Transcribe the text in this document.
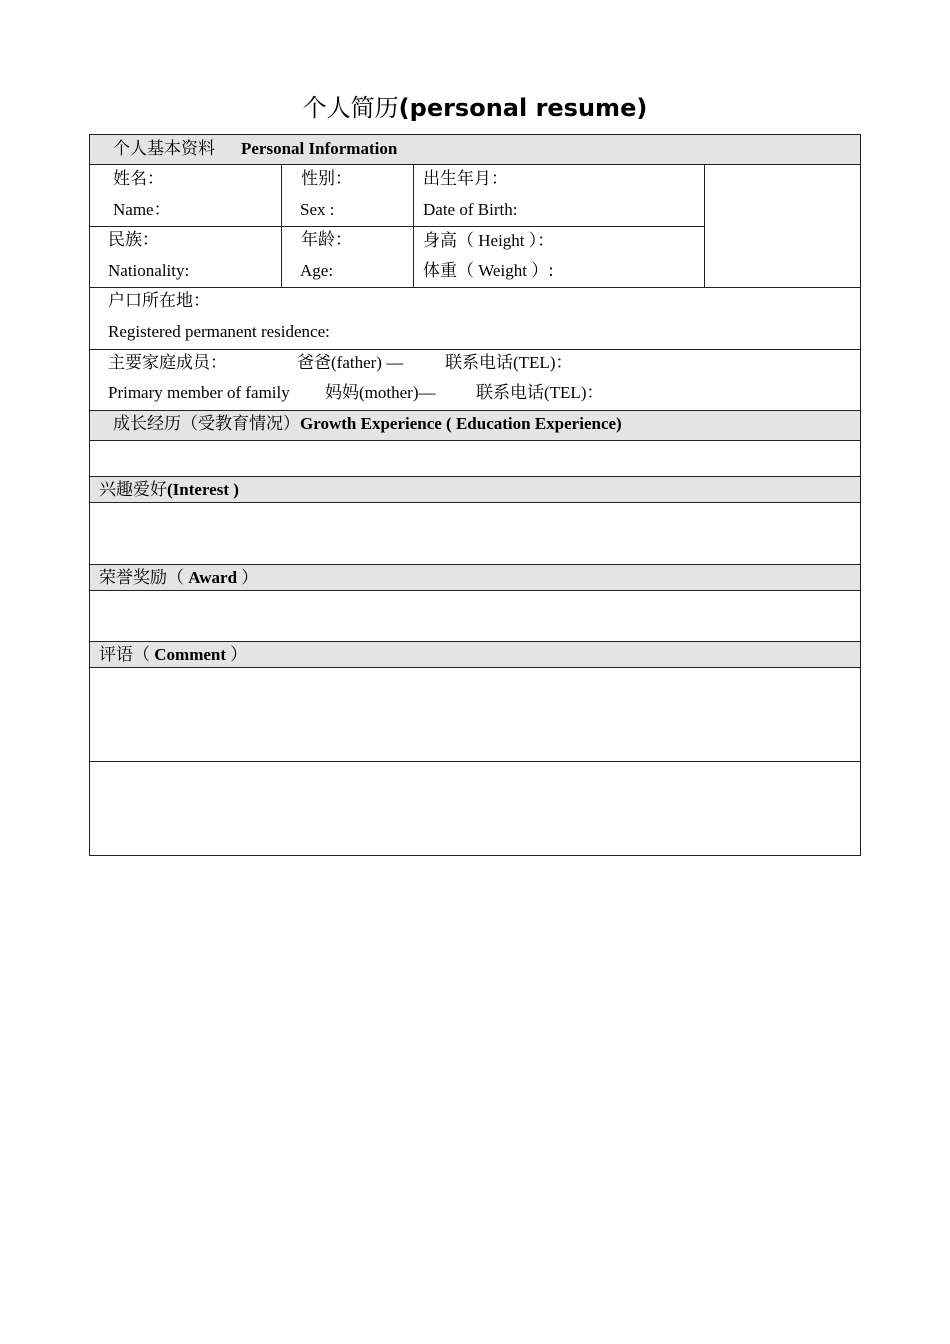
个人简历(personal resume)
个人基本资料 Personal Information
姓名：
Name：
性别：
Sex :
出生年月：
Date of Birth:
民族：
Nationality:
年龄：
Age:
身高（ Height ）：
体重（ Weight ）:
户口所在地：
Registered permanent residence:
主要家庭成员：	爸爸(father) — 联系电话(TEL)：
Primary member of family 妈妈(mother)— 联系电话(TEL)：
成长经历（受教育情况）Growth Experience ( Education Experience)
兴趣爱好(Interest )
荣誉奖励（ Award ）
评语（ Comment ）
